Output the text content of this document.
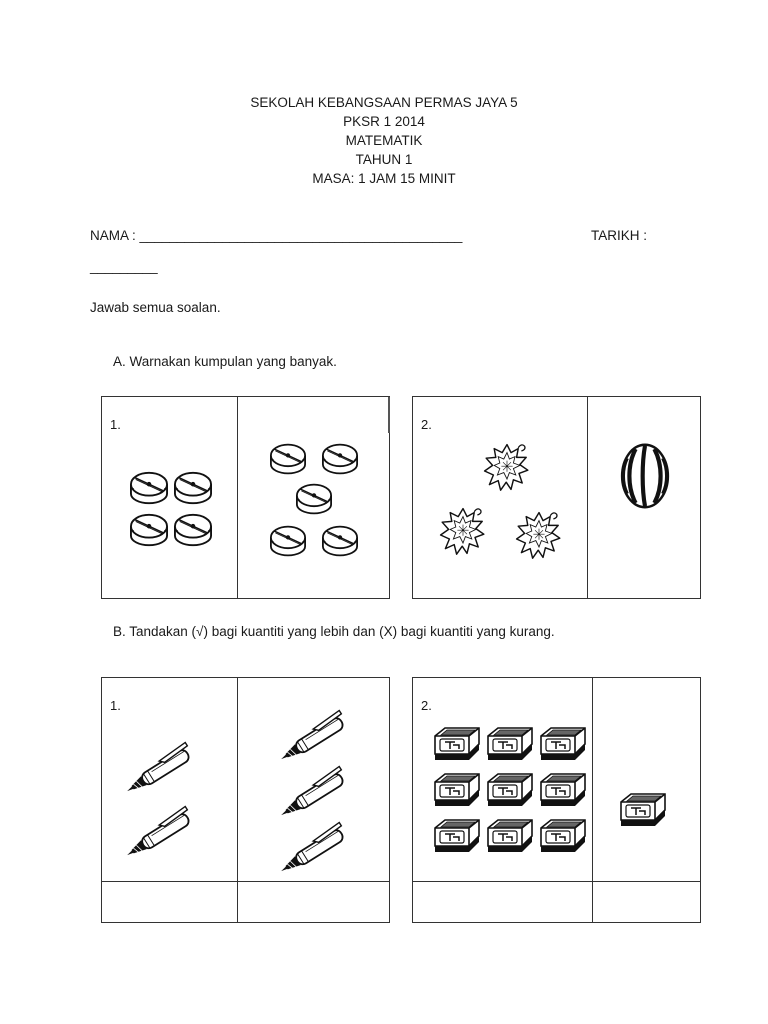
SEKOLAH KEBANGSAAN PERMAS JAYA 5
PKSR 1 2014
MATEMATIK
TAHUN 1
MASA: 1 JAM 15 MINIT
NAMA : ___________________________________________	TARIKH :
_________
Jawab semua soalan.
A. Warnakan kumpulan yang banyak.
1.	2.
B. Tandakan (√) bagi kuantiti yang lebih dan (X) bagi kuantiti yang kurang.
1.	2.
